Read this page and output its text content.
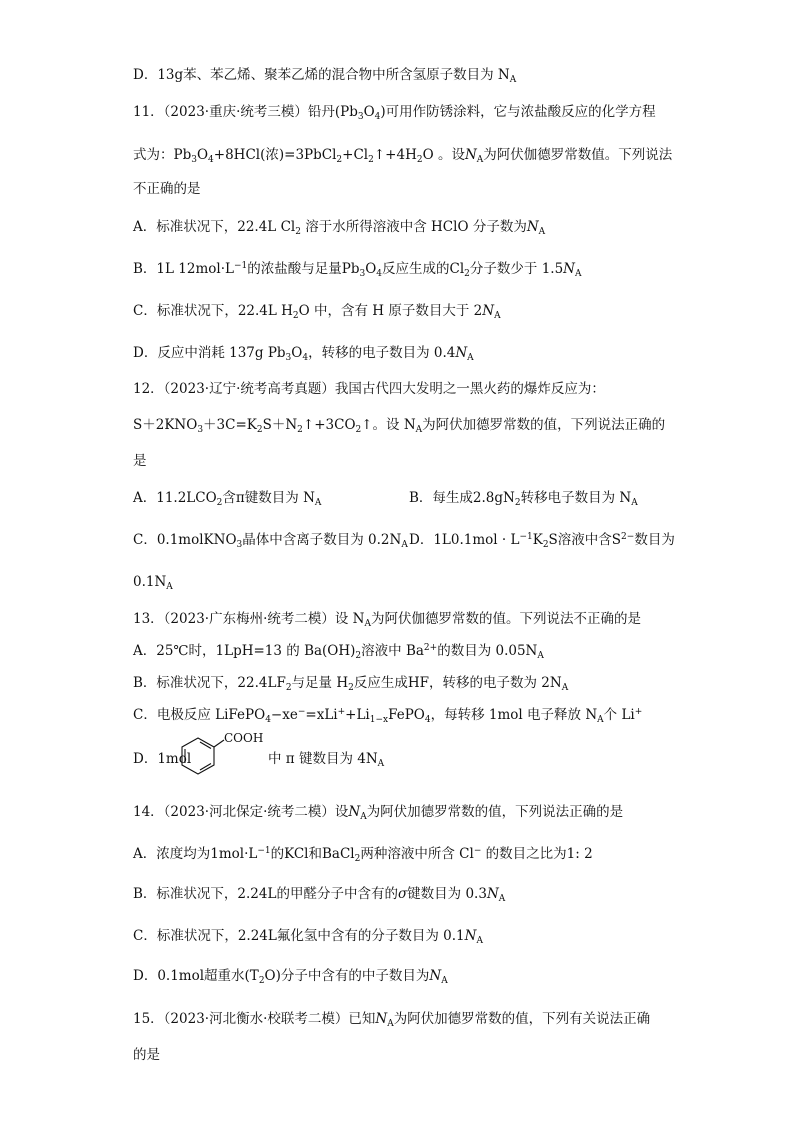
D．13g苯、苯乙烯、聚苯乙烯的混合物中所含氢原子数目为 $N_A$
11．（2023·重庆·统考三模）铅丹$(Pb_3O_4)$可用作防锈涂料，它与浓盐酸反应的化学方程
式为：$Pb_3O_4+8HCl$(浓)$=3PbCl_2+Cl_2↑+4H_2O$ 。设$N_A$为阿伏伽德罗常数值。下列说法
不正确的是
A．标准状况下，22.4L $Cl_2$ 溶于水所得溶液中含 HClO 分子数为$N_A$
B．1L $12mol\cdot L^{-1}$的浓盐酸与足量$Pb_3O_4$反应生成的$Cl_2$分子数少于 $1.5N_A$
C．标准状况下，22.4L $H_2O$ 中，含有 H 原子数目大于 $2N_A$
D．反应中消耗 137g $Pb_3O_4$，转移的电子数目为 $0.4N_A$
12．（2023·辽宁·统考高考真题）我国古代四大发明之一黑火药的爆炸反应为：
$S+2KNO_3+3C=K_2S+N_2↑+3CO_2↑$。设 $N_A$为阿伏加德罗常数的值，下列说法正确的
是
A．$11.2LCO_2$含π键数目为 $N_A$	B．每生成$2.8gN_2$转移电子数目为 $N_A$
C．0.1molKNO$_3$晶体中含离子数目为 $0.2N_A$ D．$1L0.1mol \cdot L^{-1}K_2S$溶液中含$S^{2-}$数目为
$0.1N_A$
13．（2023·广东梅州·统考二模）设 $N_A$为阿伏伽德罗常数的值。下列说法不正确的是
A．25℃时，1LpH=13 的 $Ba(OH)_2$溶液中 $Ba^{2+}$的数目为 $0.05N_A$
B．标准状况下，$22.4LF_2$与足量 $H_2$反应生成HF，转移的电子数为 $2N_A$
C．电极反应 $LiFePO_4-xe^-=xLi^++Li_{1-x}FePO_4$，每转移 1mol 电子释放 $N_A$个 Li+
D．1mol
COOH
中 π 键数目为 $4N_A$
14．（2023·河北保定·统考二模）设$N_A$为阿伏加德罗常数的值，下列说法正确的是
A．浓度均为$1mol\cdot L^{-1}$的KCl和BaCl$_2$两种溶液中所含 Cl− 的数目之比为1: 2
B．标准状况下，2.24L的甲醛分子中含有的σ键数目为 $0.3N_A$
C．标准状况下，2.24L氟化氢中含有的分子数目为 $0.1N_A$
D．0.1mol超重水$(T_2O)$分子中含有的中子数目为$N_A$
15．（2023·河北衡水·校联考二模）已知$N_A$为阿伏加德罗常数的值，下列有关说法正确
的是
